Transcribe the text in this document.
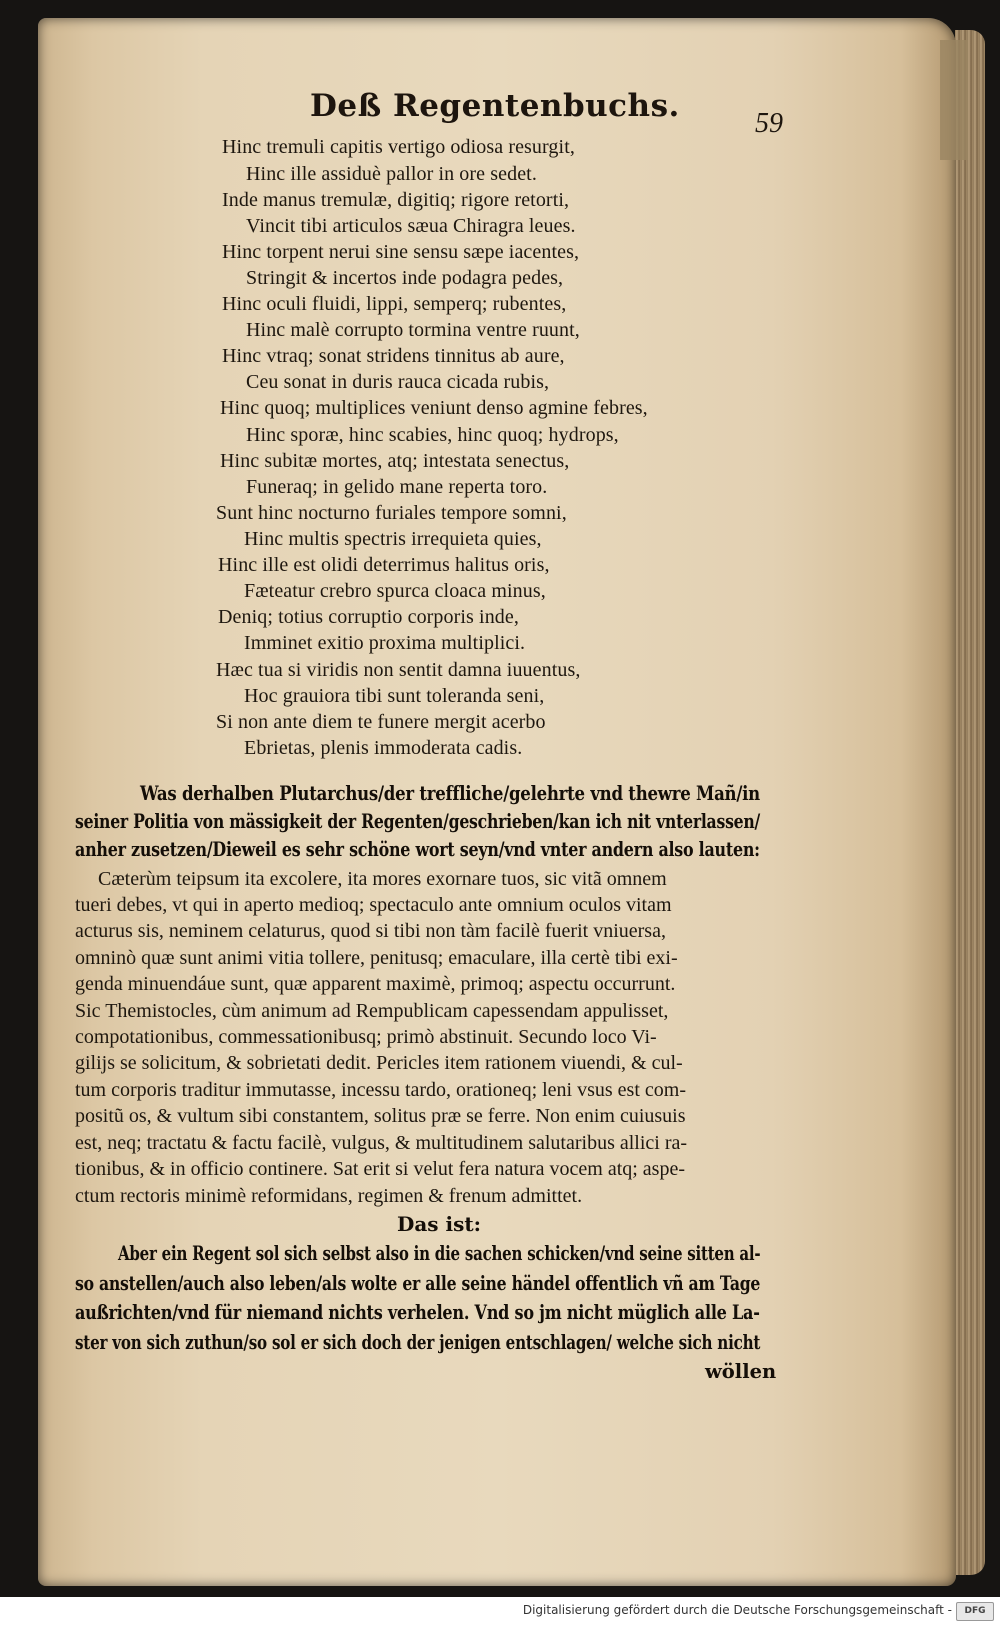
Deß Regentenbuchs.	59
Hinc tremuli capitis vertigo odiosa resurgit,
Hinc ille assiduè pallor in ore sedet.
Inde manus tremulæ, digitiq; rigore retorti,
Vincit tibi articulos sæua Chiragra leues.
Hinc torpent nerui sine sensu sæpe iacentes,
Stringit & incertos inde podagra pedes,
Hinc oculi fluidi, lippi, semperq; rubentes,
Hinc malè corrupto tormina ventre ruunt,
Hinc vtraq; sonat stridens tinnitus ab aure,
Ceu sonat in duris rauca cicada rubis,
Hinc quoq; multiplices veniunt denso agmine febres,
Hinc sporæ, hinc scabies, hinc quoq; hydrops,
Hinc subitæ mortes, atq; intestata senectus,
Funeraq; in gelido mane reperta toro.
Sunt hinc nocturno furiales tempore somni,
Hinc multis spectris irrequieta quies,
Hinc ille est olidi deterrimus halitus oris,
Fæteatur crebro spurca cloaca minus,
Deniq; totius corruptio corporis inde,
Imminet exitio proxima multiplici.
Hæc tua si viridis non sentit damna iuuentus,
Hoc grauiora tibi sunt toleranda seni,
Si non ante diem te funere mergit acerbo
Ebrietas, plenis immoderata cadis.
Was derhalben Plutarchus/der treffliche/gelehrte vnd thewre Mañ/in
seiner Politia von mässigkeit der Regenten/geschrieben/kan ich nit vnterlassen/
anher zusetzen/Dieweil es sehr schöne wort seyn/vnd vnter andern also lauten:
Cæterùm teipsum ita excolere, ita mores exornare tuos, sic vitã omnem
tueri debes, vt qui in aperto medioq; spectaculo ante omnium oculos vitam
acturus sis, neminem celaturus, quod si tibi non tàm facilè fuerit vniuersa,
omninò quæ sunt animi vitia tollere, penitusq; emaculare, illa certè tibi exi-
genda minuendáue sunt, quæ apparent maximè, primoq; aspectu occurrunt.
Sic Themistocles, cùm animum ad Rempublicam capessendam appulisset,
compotationibus, commessationibusq; primò abstinuit. Secundo loco Vi-
gilijs se solicitum, & sobrietati dedit. Pericles item rationem viuendi, & cul-
tum corporis traditur immutasse, incessu tardo, orationeq; leni vsus est com-
positũ os, & vultum sibi constantem, solitus præ se ferre. Non enim cuiusuis
est, neq; tractatu & factu facilè, vulgus, & multitudinem salutaribus allici ra-
tionibus, & in officio continere. Sat erit si velut fera natura vocem atq; aspe-
ctum rectoris minimè reformidans, regimen & frenum admittet.
Das ist:
Aber ein Regent sol sich selbst also in die sachen schicken/vnd seine sitten al-
so anstellen/auch also leben/als wolte er alle seine händel offentlich vñ am Tage
außrichten/vnd für niemand nichts verhelen. Vnd so jm nicht müglich alle La-
ster von sich zuthun/so sol er sich doch der jenigen entschlagen/ welche sich nicht
wöllen
Digitalisierung gefördert durch die Deutsche Forschungsgemeinschaft -	DFG
